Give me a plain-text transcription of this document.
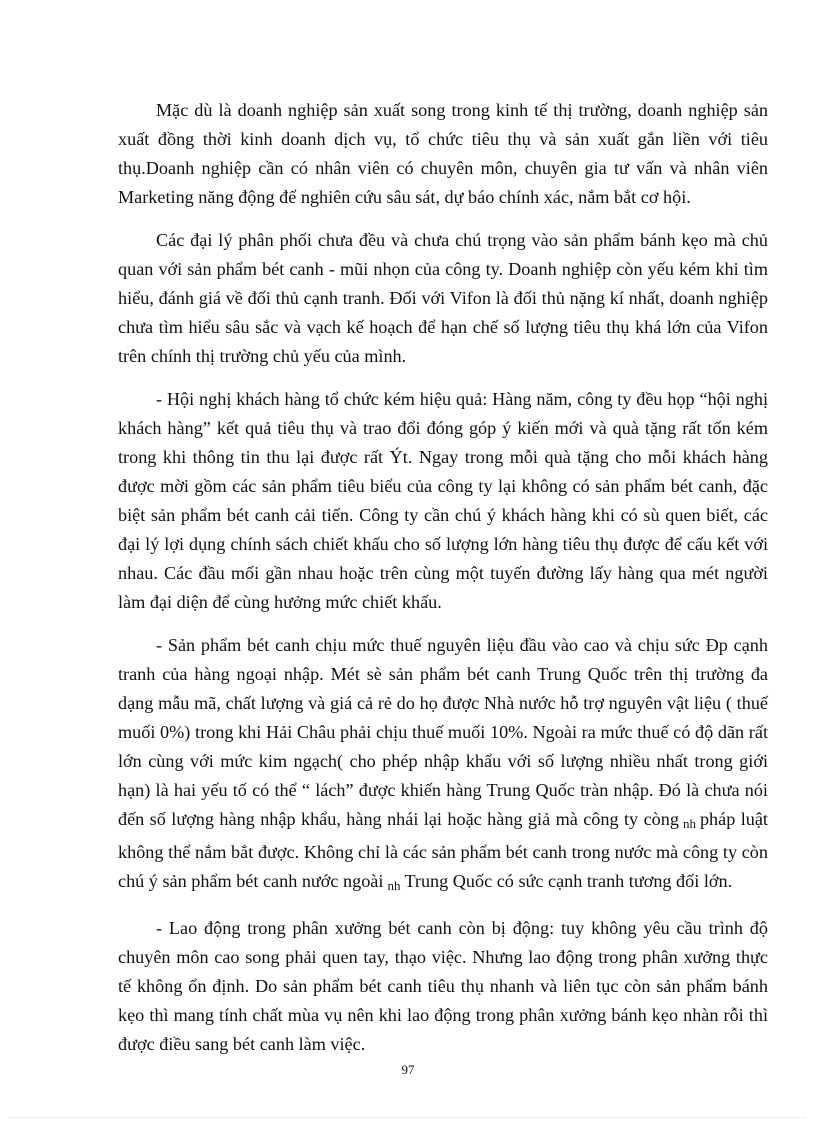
Mặc dù là doanh nghiệp sản xuất song trong kinh tế thị trường, doanh nghiệp sản xuất đồng thời kinh doanh dịch vụ, tổ chức tiêu thụ và sản xuất gắn liền với tiêu thụ.Doanh nghiệp cần có nhân viên có chuyên môn, chuyên gia tư vấn và nhân viên Marketing năng động để nghiên cứu sâu sát, dự báo chính xác, nắm bắt cơ hội.

Các đại lý phân phối chưa đều và chưa chú trọng vào sản phẩm bánh kẹo mà chủ quan với sản phẩm bét canh - mũi nhọn của công ty. Doanh nghiệp còn yếu kém khi tìm hiểu, đánh giá về đối thủ cạnh tranh. Đối với Vifon là đối thủ nặng kí nhất, doanh nghiệp chưa tìm hiểu sâu sắc và vạch kế hoạch để hạn chế số lượng tiêu thụ khá lớn của Vifon trên chính thị trường chủ yếu của mình.

- Hội nghị khách hàng tổ chức kém hiệu quả: Hàng năm, công ty đều họp “hội nghị khách hàng” kết quả tiêu thụ và trao đổi đóng góp ý kiến mới và quà tặng rất tốn kém trong khi thông tin thu lại được rất Ýt. Ngay trong mỗi quà tặng cho mỗi khách hàng được mời gồm các sản phẩm tiêu biểu của công ty lại không có sản phẩm bét canh, đặc biệt sản phẩm bét canh cải tiến. Công ty cần chú ý khách hàng khi có sù quen biết, các đại lý lợi dụng chính sách chiết khấu cho số lượng lớn hàng tiêu thụ được để cấu kết với nhau. Các đầu mối gần nhau hoặc trên cùng một tuyến đường lấy hàng qua mét người làm đại diện để cùng hưởng mức chiết khấu.

- Sản phẩm bét canh chịu mức thuế nguyên liệu đầu vào cao và chịu sức Ðp cạnh tranh của hàng ngoại nhập. Mét sè sản phẩm bét canh Trung Quốc trên thị trường đa dạng mẫu mã, chất lượng và giá cả rẻ do họ được Nhà nước hỗ trợ nguyên vật liệu ( thuế muối 0%) trong khi Hải Châu phải chịu thuế muối 10%. Ngoài ra mức thuế có độ dãn rất lớn cùng với mức kim ngạch( cho phép nhập khẩu với số lượng nhiều nhất trong giới hạn) là hai yếu tố có thể “ lách” được khiến hàng Trung Quốc tràn nhập. Đó là chưa nói đến số lượng hàng nhập khẩu, hàng nhái lại hoặc hàng giả mà công ty còng nh pháp luật không thể nắm bắt được. Không chỉ là các sản phẩm bét canh trong nước mà công ty còn chú ý sản phẩm bét canh nước ngoài nh Trung Quốc có sức cạnh tranh tương đối lớn.

- Lao động trong phân xưởng bét canh còn bị động: tuy không yêu cầu trình độ chuyên môn cao song phải quen tay, thạo việc. Nhưng lao động trong phân xưởng thực tế không ổn định. Do sản phẩm bét canh tiêu thụ nhanh và liên tục còn sản phẩm bánh kẹo thì mang tính chất mùa vụ nên khi lao động trong phân xưởng bánh kẹo nhàn rỗi thì được điều sang bét canh làm việc.

97
